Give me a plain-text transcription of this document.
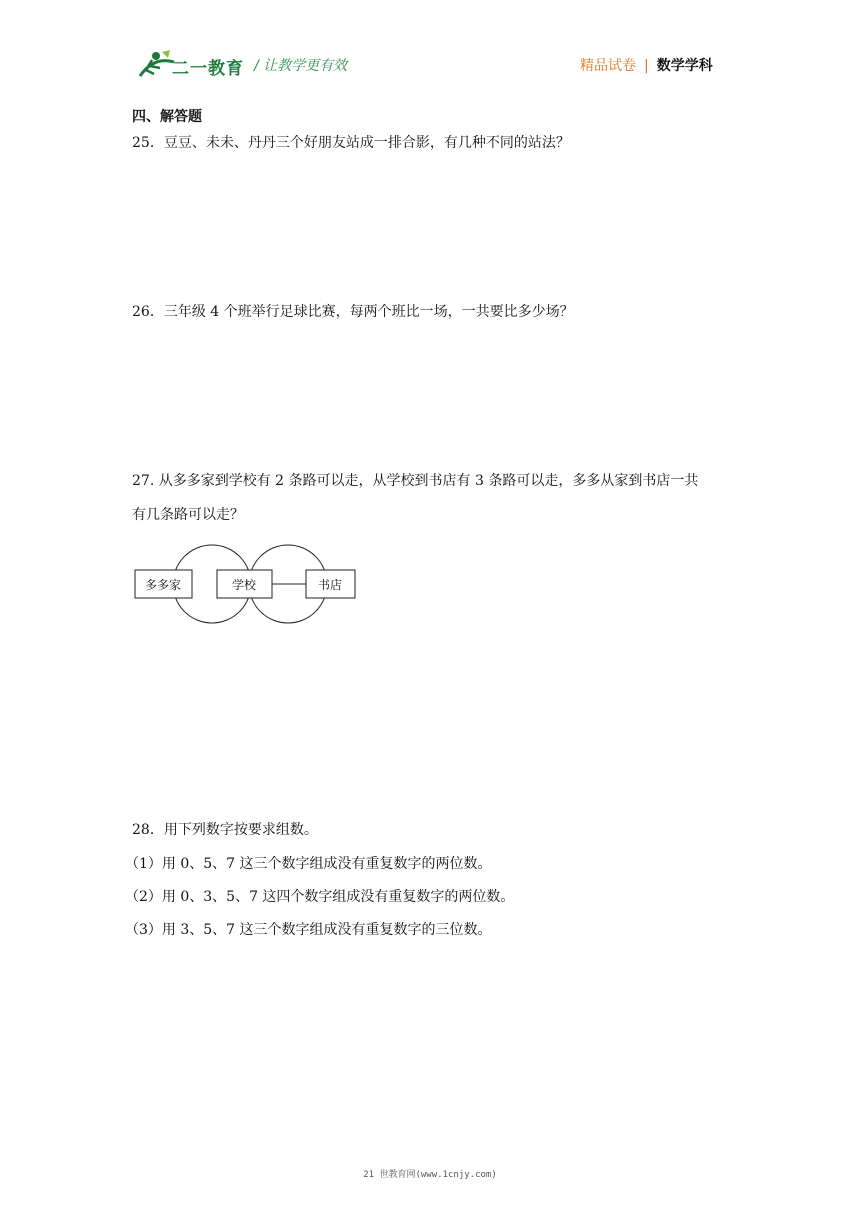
二一教育 / 让教学更有效	精品试卷 | 数学学科
四、解答题
25．豆豆、未未、丹丹三个好朋友站成一排合影，有几种不同的站法？
26．三年级 4 个班举行足球比赛，每两个班比一场，一共要比多少场？
27. 从多多家到学校有 2 条路可以走，从学校到书店有 3 条路可以走，多多从家到书店一共
有几条路可以走？
多多家	学校	书店
28．用下列数字按要求组数。
（1）用 0、5、7 这三个数字组成没有重复数字的两位数。
（2）用 0、3、5、7 这四个数字组成没有重复数字的两位数。
（3）用 3、5、7 这三个数字组成没有重复数字的三位数。
21 世教育网(www.1cnjy.com)
